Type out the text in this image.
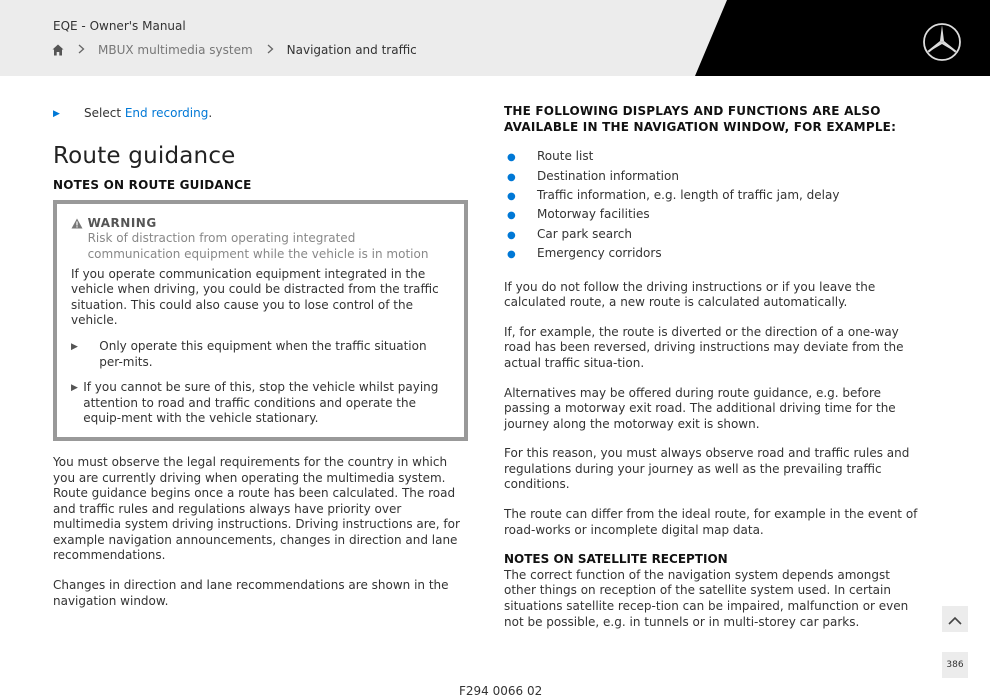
EQE - Owner's Manual
MBUX multimedia system	Navigation and traffic
▶	Select End recording.
Route guidance
NOTES ON ROUTE GUIDANCE
WARNING
Risk of distraction from operating integrated communication equipment while the vehicle is in motion
If you operate communication equipment integrated in the vehicle when driving, you could be distracted from the traffic situation. This could also cause you to lose control of the vehicle.
▶	Only operate this equipment when the traffic situation per-mits.
▶ If you cannot be sure of this, stop the vehicle whilst paying attention to road and traffic conditions and operate the equip-ment with the vehicle stationary.
You must observe the legal requirements for the country in which you are currently driving when operating the multimedia system.
Route guidance begins once a route has been calculated. The road and traffic rules and regulations always have priority over multimedia system driving instructions. Driving instructions are, for example navigation announcements, changes in direction and lane recommendations.
Changes in direction and lane recommendations are shown in the navigation window.
THE FOLLOWING DISPLAYS AND FUNCTIONS ARE ALSO AVAILABLE IN THE NAVIGATION WINDOW, FOR EXAMPLE:
●	Route list
●	Destination information
●	Traffic information, e.g. length of traffic jam, delay
●	Motorway facilities
●	Car park search
●	Emergency corridors
If you do not follow the driving instructions or if you leave the calculated route, a new route is calculated automatically.
If, for example, the route is diverted or the direction of a one-way road has been reversed, driving instructions may deviate from the actual traffic situa-tion.
Alternatives may be offered during route guidance, e.g. before passing a motorway exit road. The additional driving time for the journey along the motorway exit is shown.
For this reason, you must always observe road and traffic rules and regulations during your journey as well as the prevailing traffic conditions.
The route can differ from the ideal route, for example in the event of road-works or incomplete digital map data.
NOTES ON SATELLITE RECEPTION
The correct function of the navigation system depends amongst other things on reception of the satellite system used. In certain situations satellite recep-tion can be impaired, malfunction or even not be possible, e.g. in tunnels or in multi-storey car parks.
386
F294 0066 02
